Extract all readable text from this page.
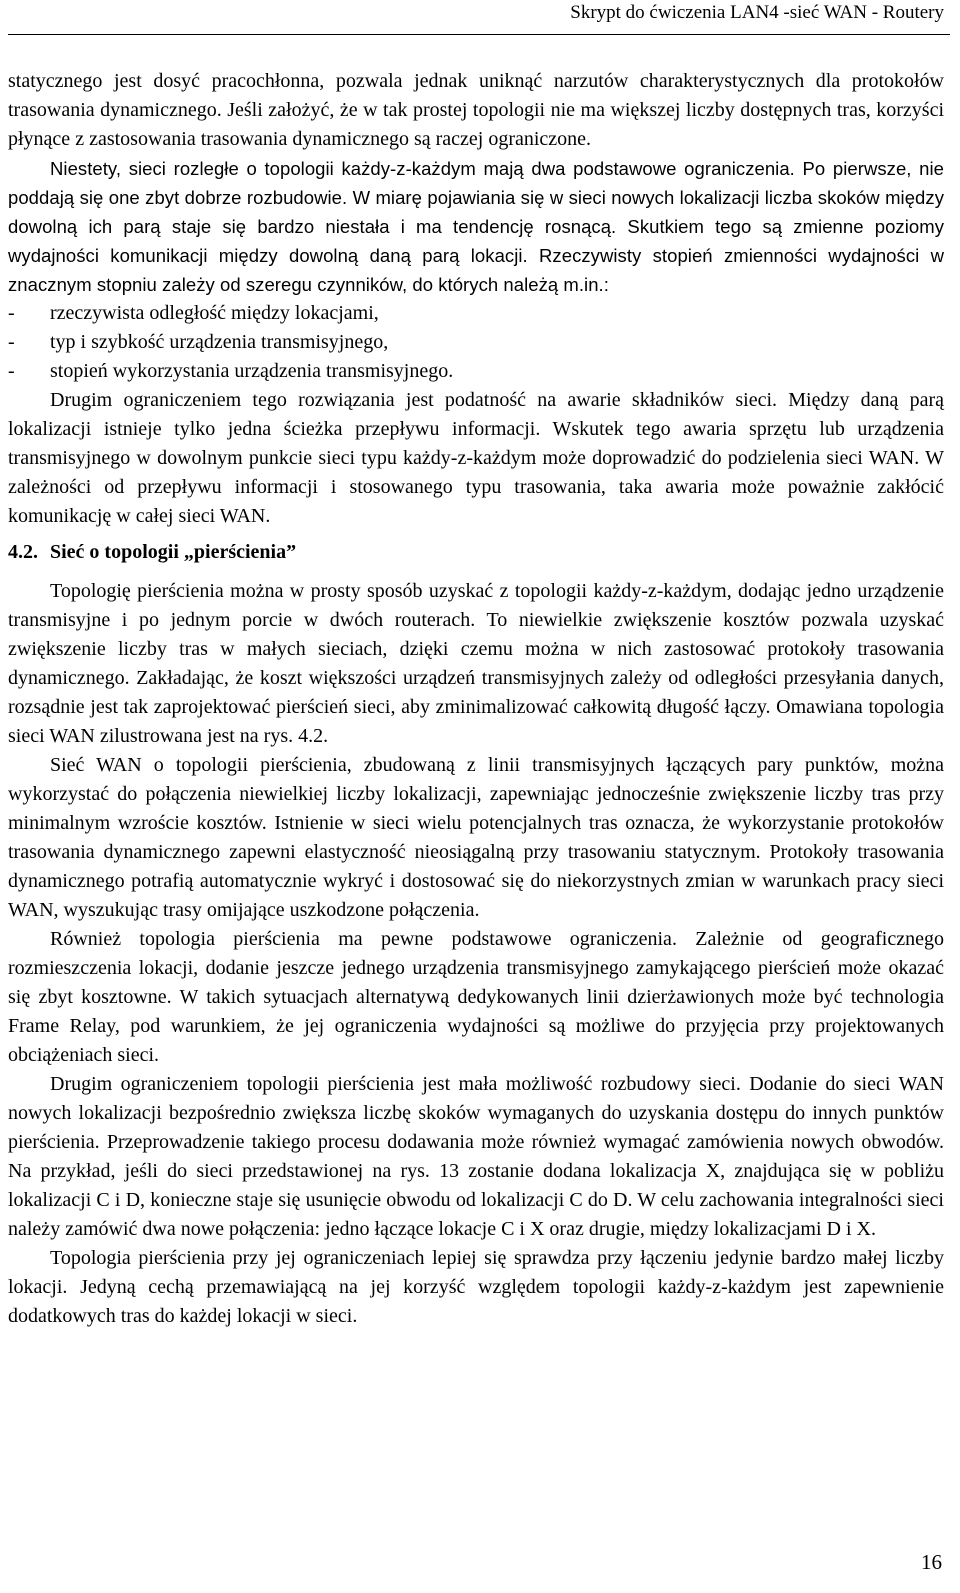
Skrypt do ćwiczenia LAN4 -sieć WAN - Routery

statycznego jest dosyć pracochłonna, pozwala jednak uniknąć narzutów charakterystycznych dla protokołów trasowania dynamicznego. Jeśli założyć, że w tak prostej topologii nie ma większej liczby dostępnych tras, korzyści płynące z zastosowania trasowania dynamicznego są raczej ograniczone.

Niestety, sieci rozległe o topologii każdy-z-każdym mają dwa podstawowe ograniczenia. Po pierwsze, nie poddają się one zbyt dobrze rozbudowie. W miarę pojawiania się w sieci nowych lokalizacji liczba skoków między dowolną ich parą staje się bardzo niestała i ma tendencję rosnącą. Skutkiem tego są zmienne poziomy wydajności komunikacji między dowolną daną parą lokacji. Rzeczywisty stopień zmienności wydajności w znacznym stopniu zależy od szeregu czynników, do których należą m.in.:

- rzeczywista odległość między lokacjami,
- typ i szybkość urządzenia transmisyjnego,
- stopień wykorzystania urządzenia transmisyjnego.

Drugim ograniczeniem tego rozwiązania jest podatność na awarie składników sieci. Między daną parą lokalizacji istnieje tylko jedna ścieżka przepływu informacji. Wskutek tego awaria sprzętu lub urządzenia transmisyjnego w dowolnym punkcie sieci typu każdy-z-każdym może doprowadzić do podzielenia sieci WAN. W zależności od przepływu informacji i stosowanego typu trasowania, taka awaria może poważnie zakłócić komunikację w całej sieci WAN.

4.2. Sieć o topologii „pierścienia”

Topologię pierścienia można w prosty sposób uzyskać z topologii każdy-z-każdym, dodając jedno urządzenie transmisyjne i po jednym porcie w dwóch routerach. To niewielkie zwiększenie kosztów pozwala uzyskać zwiększenie liczby tras w małych sieciach, dzięki czemu można w nich zastosować protokoły trasowania dynamicznego. Zakładając, że koszt większości urządzeń transmisyjnych zależy od odległości przesyłania danych, rozsądnie jest tak zaprojektować pierścień sieci, aby zminimalizować całkowitą długość łączy. Omawiana topologia sieci WAN zilustrowana jest na rys. 4.2.

Sieć WAN o topologii pierścienia, zbudowaną z linii transmisyjnych łączących pary punktów, można wykorzystać do połączenia niewielkiej liczby lokalizacji, zapewniając jednocześnie zwiększenie liczby tras przy minimalnym wzroście kosztów. Istnienie w sieci wielu potencjalnych tras oznacza, że wykorzystanie protokołów trasowania dynamicznego zapewni elastyczność nieosiągalną przy trasowaniu statycznym. Protokoły trasowania dynamicznego potrafią automatycznie wykryć i dostosować się do niekorzystnych zmian w warunkach pracy sieci WAN, wyszukując trasy omijające uszkodzone połączenia.

Również topologia pierścienia ma pewne podstawowe ograniczenia. Zależnie od geograficznego rozmieszczenia lokacji, dodanie jeszcze jednego urządzenia transmisyjnego zamykającego pierścień może okazać się zbyt kosztowne. W takich sytuacjach alternatywą dedykowanych linii dzierżawionych może być technologia Frame Relay, pod warunkiem, że jej ograniczenia wydajności są możliwe do przyjęcia przy projektowanych obciążeniach sieci.

Drugim ograniczeniem topologii pierścienia jest mała możliwość rozbudowy sieci. Dodanie do sieci WAN nowych lokalizacji bezpośrednio zwiększa liczbę skoków wymaganych do uzyskania dostępu do innych punktów pierścienia. Przeprowadzenie takiego procesu dodawania może również wymagać zamówienia nowych obwodów. Na przykład, jeśli do sieci przedstawionej na rys. 13 zostanie dodana lokalizacja X, znajdująca się w pobliżu lokalizacji C i D, konieczne staje się usunięcie obwodu od lokalizacji C do D. W celu zachowania integralności sieci należy zamówić dwa nowe połączenia: jedno łączące lokacje C i X oraz drugie, między lokalizacjami D i X.

Topologia pierścienia przy jej ograniczeniach lepiej się sprawdza przy łączeniu jedynie bardzo małej liczby lokacji. Jedyną cechą przemawiającą na jej korzyść względem topologii każdy-z-każdym jest zapewnienie dodatkowych tras do każdej lokacji w sieci.

16
